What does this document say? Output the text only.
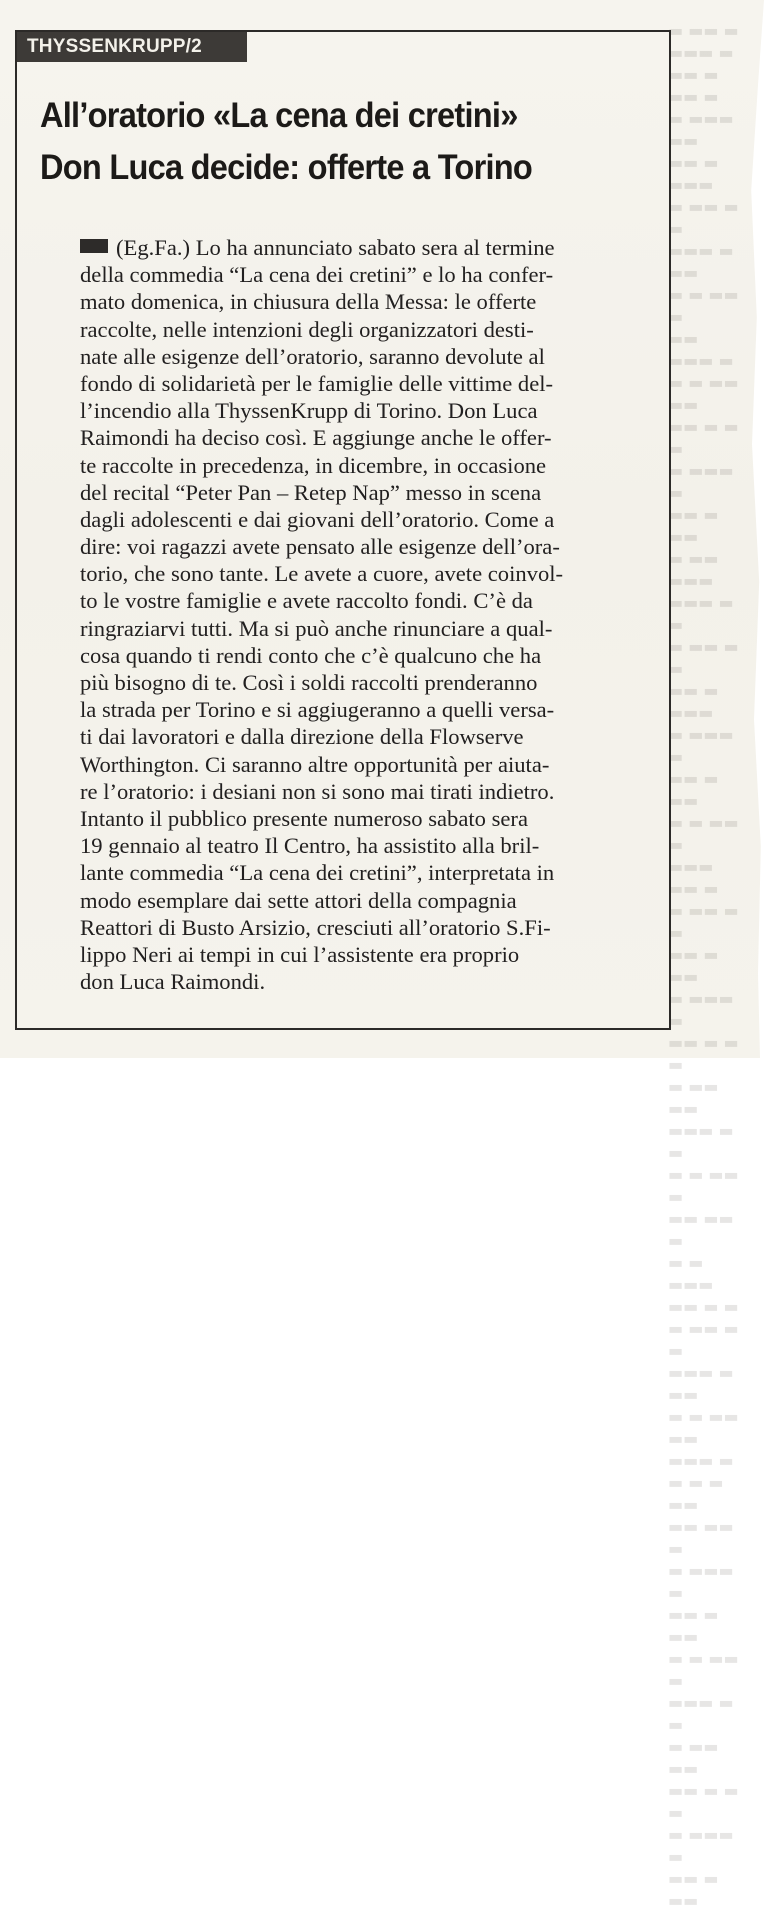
▬ ▬▬ ▬ ▬▬▬ ▬
▬▬ ▬ ▬▬ ▬
▬ ▬▬▬ ▬▬
▬▬ ▬ ▬▬▬
▬ ▬▬ ▬ ▬
▬▬▬ ▬ ▬▬
▬ ▬ ▬▬ ▬
▬▬ ▬▬▬ ▬
▬ ▬ ▬▬ ▬▬
▬▬ ▬ ▬ ▬
▬ ▬▬▬ ▬
▬▬ ▬ ▬▬
▬ ▬▬ ▬▬▬
▬▬▬ ▬ ▬
▬ ▬▬ ▬ ▬
▬▬ ▬ ▬▬▬
▬ ▬▬▬ ▬
▬▬ ▬ ▬▬
▬ ▬ ▬▬ ▬
▬▬▬ ▬▬ ▬
▬ ▬▬ ▬ ▬
▬▬ ▬ ▬▬
▬ ▬▬▬ ▬
▬▬ ▬ ▬ ▬
▬ ▬▬ ▬▬
▬▬▬ ▬ ▬
▬ ▬ ▬▬ ▬
▬▬ ▬▬ ▬
▬ ▬ ▬▬▬
▬▬ ▬ ▬
▬ ▬▬ ▬ ▬
▬▬▬ ▬ ▬▬
▬ ▬ ▬▬
▬▬ ▬▬▬ ▬
▬ ▬ ▬ ▬▬
▬▬ ▬▬ ▬
▬ ▬▬▬ ▬
▬▬ ▬ ▬▬
▬ ▬ ▬▬ ▬
▬▬▬ ▬ ▬
▬ ▬▬ ▬▬
▬▬ ▬ ▬ ▬
▬ ▬▬▬ ▬
▬▬ ▬ ▬▬
THYSSENKRUPP/2
All’oratorio «La cena dei cretini»
Don Luca decide: offerte a Torino
(Eg.Fa.) Lo ha annunciato sabato sera al termine
della commedia “La cena dei cretini” e lo ha confer-
mato domenica, in chiusura della Messa: le offerte
raccolte, nelle intenzioni degli organizzatori desti-
nate alle esigenze dell’oratorio, saranno devolute al
fondo di solidarietà per le famiglie delle vittime del-
l’incendio alla ThyssenKrupp di Torino. Don Luca
Raimondi ha deciso così. E aggiunge anche le offer-
te raccolte in precedenza, in dicembre, in occasione
del recital “Peter Pan – Retep Nap” messo in scena
dagli adolescenti e dai giovani dell’oratorio. Come a
dire: voi ragazzi avete pensato alle esigenze dell’ora-
torio, che sono tante. Le avete a cuore, avete coinvol-
to le vostre famiglie e avete raccolto fondi. C’è da
ringraziarvi tutti. Ma si può anche rinunciare a qual-
cosa quando ti rendi conto che c’è qualcuno che ha
più bisogno di te. Così i soldi raccolti prenderanno
la strada per Torino e si aggiugeranno a quelli versa-
ti dai lavoratori e dalla direzione della Flowserve
Worthington. Ci saranno altre opportunità per aiuta-
re l’oratorio: i desiani non si sono mai tirati indietro.
Intanto il pubblico presente numeroso sabato sera
19 gennaio al teatro Il Centro, ha assistito alla bril-
lante commedia “La cena dei cretini”, interpretata in
modo esemplare dai sette attori della compagnia
Reattori di Busto Arsizio, cresciuti all’oratorio S.Fi-
lippo Neri ai tempi in cui l’assistente era proprio
don Luca Raimondi.
